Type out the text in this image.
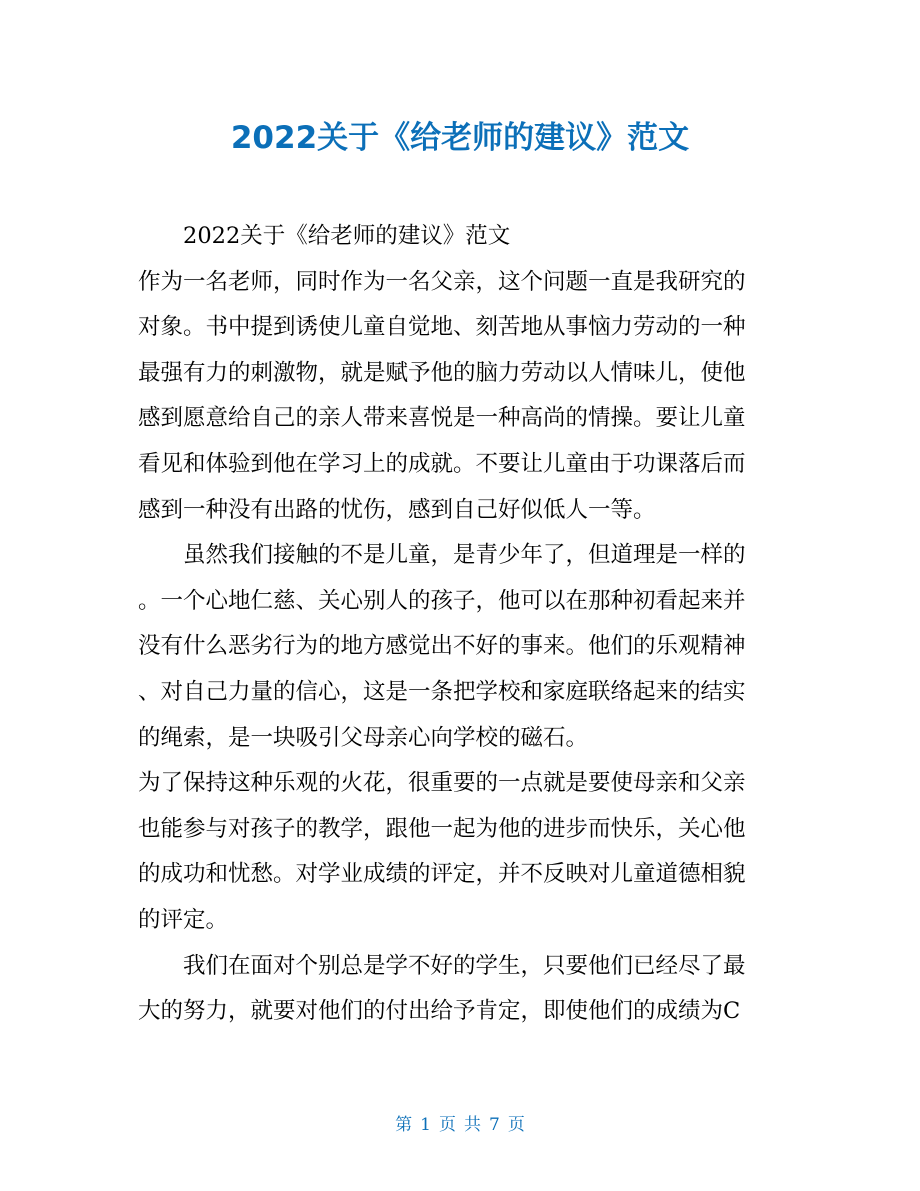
2022关于《给老师的建议》范文
2022关于《给老师的建议》范文
作为一名老师，同时作为一名父亲，这个问题一直是我研究的
对象。书中提到诱使儿童自觉地、刻苦地从事恼力劳动的一种
最强有力的刺激物，就是赋予他的脑力劳动以人情味儿，使他
感到愿意给自己的亲人带来喜悦是一种高尚的情操。要让儿童
看见和体验到他在学习上的成就。不要让儿童由于功课落后而
感到一种没有出路的忧伤，感到自己好似低人一等。
虽然我们接触的不是儿童，是青少年了，但道理是一样的
。一个心地仁慈、关心别人的孩子，他可以在那种初看起来并
没有什么恶劣行为的地方感觉出不好的事来。他们的乐观精神
、对自己力量的信心，这是一条把学校和家庭联络起来的结实
的绳索，是一块吸引父母亲心向学校的磁石。
为了保持这种乐观的火花，很重要的一点就是要使母亲和父亲
也能参与对孩子的教学，跟他一起为他的进步而快乐，关心他
的成功和忧愁。对学业成绩的评定，并不反映对儿童道德相貌
的评定。
我们在面对个别总是学不好的学生，只要他们已经尽了最
大的努力，就要对他们的付出给予肯定，即使他们的成绩为C
第 1 页 共 7 页
